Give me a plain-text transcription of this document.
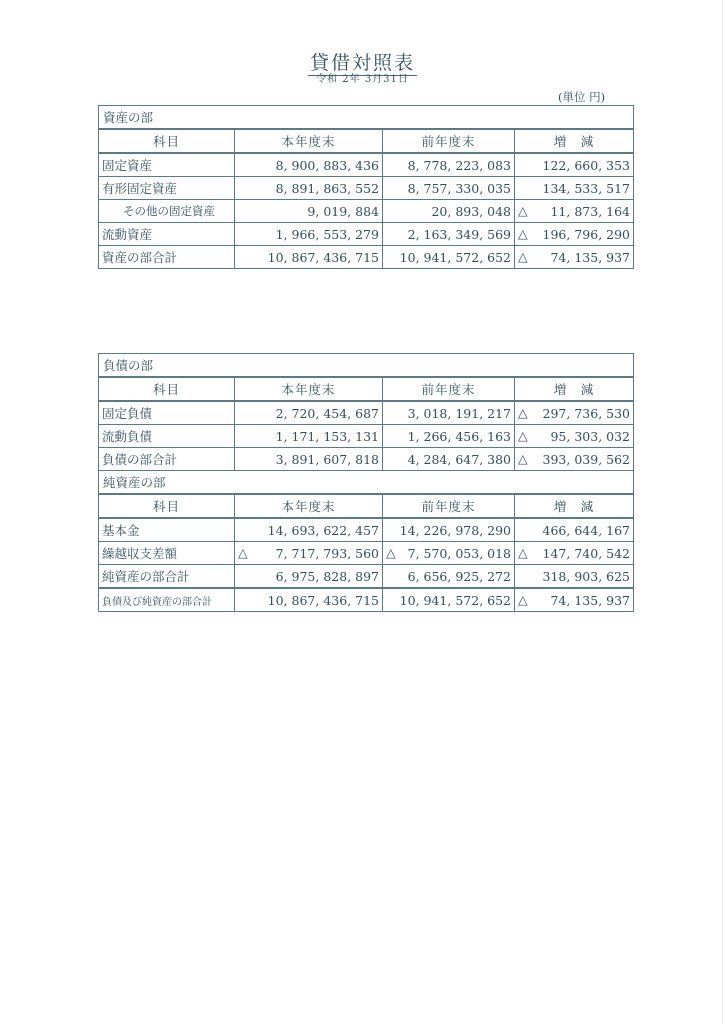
貸借対照表
令和 2年 3月31日
(単位 円)
資産の部			
科目	本年度末	前年度末	増　減
固定資産	8, 900, 883, 436	8, 778, 223, 083	122, 660, 353
有形固定資産	8, 891, 863, 552	8, 757, 330, 035	134, 533, 517
その他の固定資産	9, 019, 884	20, 893, 048	△ 11, 873, 164
流動資産	1, 966, 553, 279	2, 163, 349, 569	△ 196, 796, 290
資産の部合計	10, 867, 436, 715	10, 941, 572, 652	△ 74, 135, 937
負債の部			
科目	本年度末	前年度末	増　減
固定負債	2, 720, 454, 687	3, 018, 191, 217	△ 297, 736, 530
流動負債	1, 171, 153, 131	1, 266, 456, 163	△ 95, 303, 032
負債の部合計	3, 891, 607, 818	4, 284, 647, 380	△ 393, 039, 562
純資産の部			
科目	本年度末	前年度末	増　減
基本金	14, 693, 622, 457	14, 226, 978, 290	466, 644, 167
繰越収支差額	△ 7, 717, 793, 560	△ 7, 570, 053, 018	△ 147, 740, 542
純資産の部合計	6, 975, 828, 897	6, 656, 925, 272	318, 903, 625
負債及び純資産の部合計	10, 867, 436, 715	10, 941, 572, 652	△ 74, 135, 937
